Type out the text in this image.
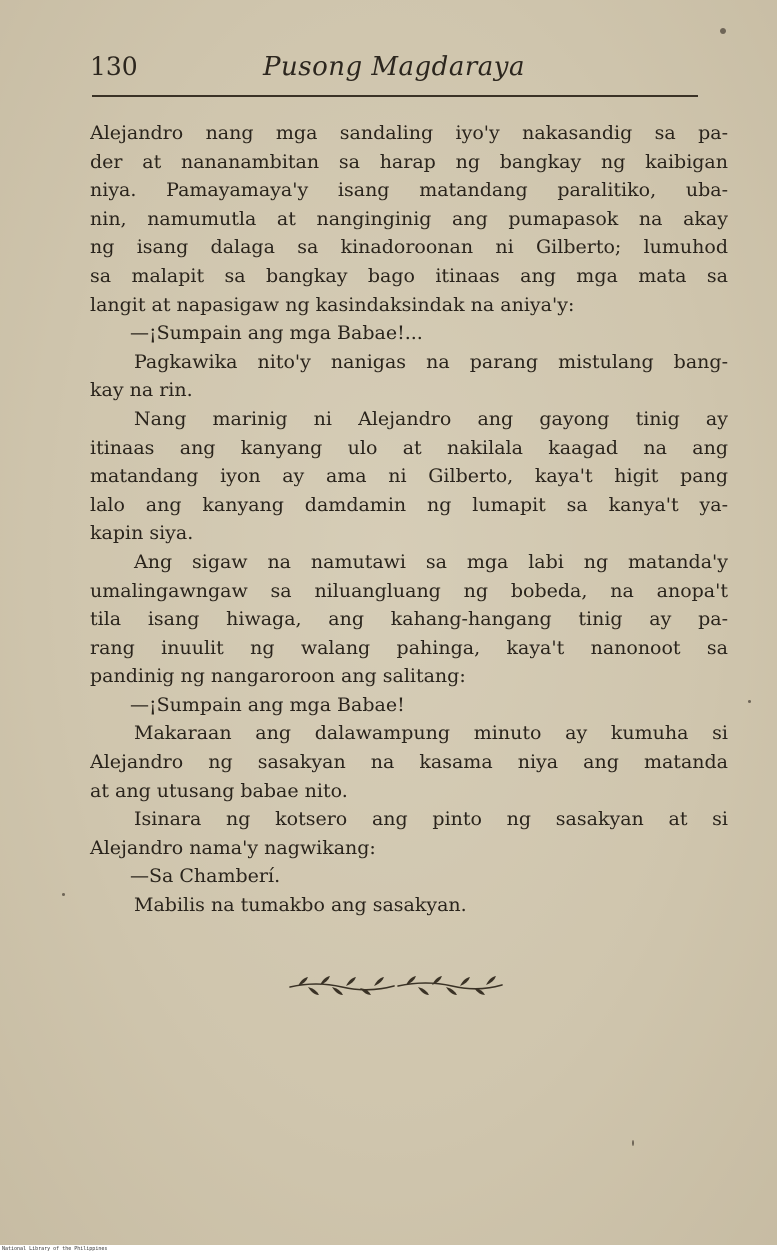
130	Pusong Magdaraya
Alejandro nang mga sandaling iyo'y nakasandig sa pa-
der at nananambitan sa harap ng bangkay ng kaibigan
niya. Pamayamaya'y isang matandang paralitiko, uba-
nin, namumutla at nanginginig ang pumapasok na akay
ng isang dalaga sa kinadoroonan ni Gilberto; lumuhod
sa malapit sa bangkay bago itinaas ang mga mata sa
langit at napasigaw ng kasindaksindak na aniya'y:
—¡Sumpain ang mga Babae!...
Pagkawika nito'y nanigas na parang mistulang bang-
kay na rin.
Nang marinig ni Alejandro ang gayong tinig ay
itinaas ang kanyang ulo at nakilala kaagad na ang
matandang iyon ay ama ni Gilberto, kaya't higit pang
lalo ang kanyang damdamin ng lumapit sa kanya't ya-
kapin siya.
Ang sigaw na namutawi sa mga labi ng matanda'y
umalingawngaw sa niluangluang ng bobeda, na anopa't
tila isang hiwaga, ang kahang-hangang tinig ay pa-
rang inuulit ng walang pahinga, kaya't nanonoot sa
pandinig ng nangaroroon ang salitang:
—¡Sumpain ang mga Babae!
Makaraan ang dalawampung minuto ay kumuha si
Alejandro ng sasakyan na kasama niya ang matanda
at ang utusang babae nito.
Isinara ng kotsero ang pinto ng sasakyan at si
Alejandro nama'y nagwikang:
—Sa Chamberí.
Mabilis na tumakbo ang sasakyan.
National Library of the Philippines
